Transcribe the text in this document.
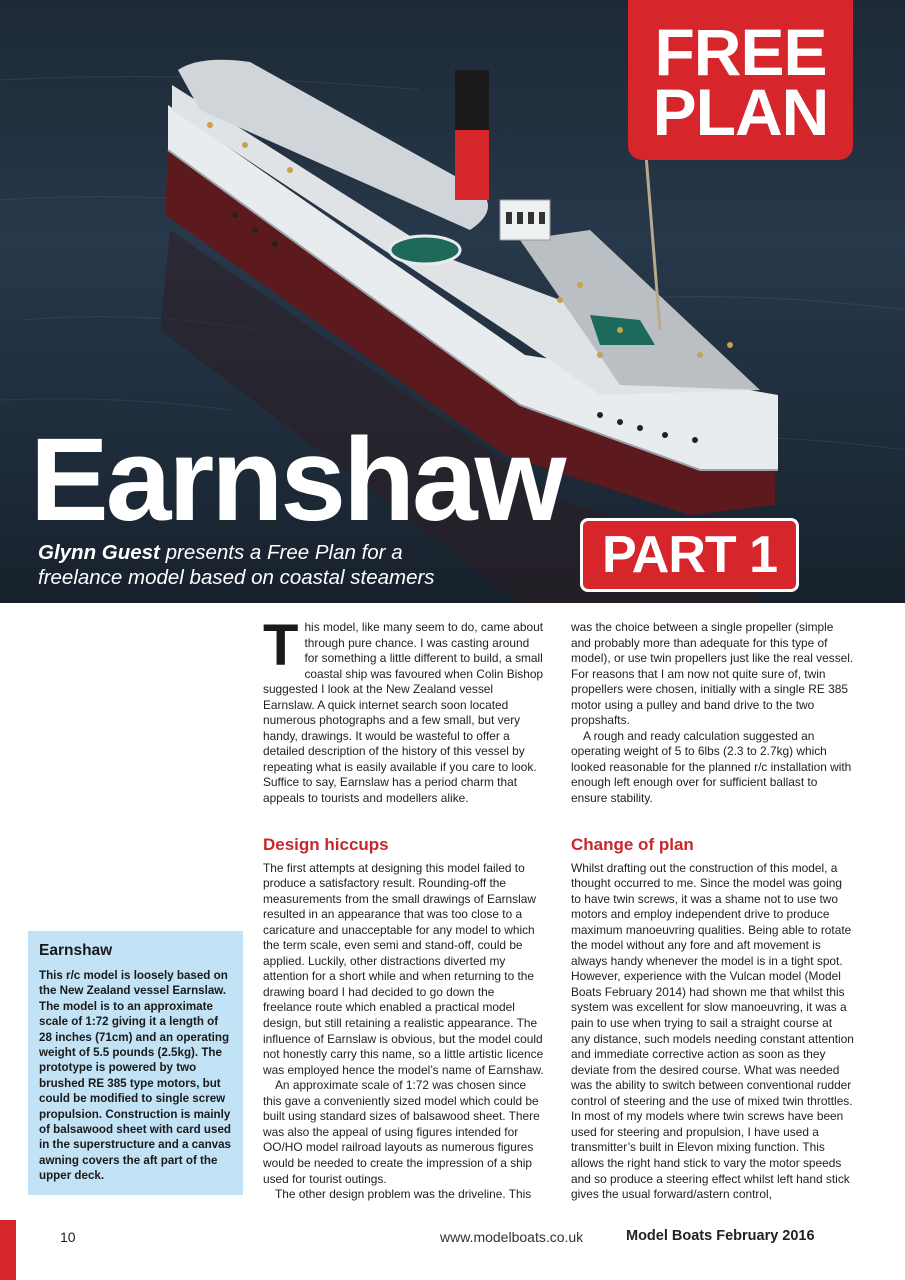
FREE
PLAN
Earnshaw
Glynn Guest presents a Free Plan for a
freelance model based on coastal steamers	PART 1

This model, like many seem to do, came about through pure chance. I was casting around for something a little different to build, a small coastal ship was favoured when Colin Bishop suggested I look at the New Zealand vessel Earnslaw. A quick internet search soon located numerous photographs and a few small, but very handy, drawings. It would be wasteful to offer a detailed description of the history of this vessel by repeating what is easily available if you care to look. Suffice to say, Earnslaw has a period charm that appeals to tourists and modellers alike.

Design hiccups

The first attempts at designing this model failed to produce a satisfactory result. Rounding-off the measurements from the small drawings of Earnslaw resulted in an appearance that was too close to a caricature and unacceptable for any model to which the term scale, even semi and stand-off, could be applied. Luckily, other distractions diverted my attention for a short while and when returning to the drawing board I had decided to go down the freelance route which enabled a practical model design, but still retaining a realistic appearance. The influence of Earnslaw is obvious, but the model could not honestly carry this name, so a little artistic licence was employed hence the model’s name of Earnshaw.

An approximate scale of 1:72 was chosen since this gave a conveniently sized model which could be built using standard sizes of balsawood sheet. There was also the appeal of using figures intended for OO/HO model railroad layouts as numerous figures would be needed to create the impression of a ship used for tourist outings.

The other design problem was the driveline. This

was the choice between a single propeller (simple and probably more than adequate for this type of model), or use twin propellers just like the real vessel. For reasons that I am now not quite sure of, twin propellers were chosen, initially with a single RE 385 motor using a pulley and band drive to the two propshafts.

A rough and ready calculation suggested an operating weight of 5 to 6lbs (2.3 to 2.7kg) which looked reasonable for the planned r/c installation with enough left enough over for sufficient ballast to ensure stability.

Change of plan

Whilst drafting out the construction of this model, a thought occurred to me. Since the model was going to have twin screws, it was a shame not to use two motors and employ independent drive to produce maximum manoeuvring qualities. Being able to rotate the model without any fore and aft movement is always handy whenever the model is in a tight spot. However, experience with the Vulcan model (Model Boats February 2014) had shown me that whilst this system was excellent for slow manoeuvring, it was a pain to use when trying to sail a straight course at any distance, such models needing constant attention and immediate corrective action as soon as they deviate from the desired course. What was needed was the ability to switch between conventional rudder control of steering and the use of mixed twin throttles. In most of my models where twin screws have been used for steering and propulsion, I have used a transmitter’s built in Elevon mixing function. This allows the right hand stick to vary the motor speeds and so produce a steering effect whilst left hand stick gives the usual forward/astern control,

Earnshaw

This r/c model is loosely based on the New Zealand vessel Earnslaw. The model is to an approximate scale of 1:72 giving it a length of 28 inches (71cm) and an operating weight of 5.5 pounds (2.5kg). The prototype is powered by two brushed RE 385 type motors, but could be modified to single screw propulsion. Construction is mainly of balsawood sheet with card used in the superstructure and a canvas awning covers the aft part of the upper deck.

10	www.modelboats.co.uk	Model Boats February 2016
